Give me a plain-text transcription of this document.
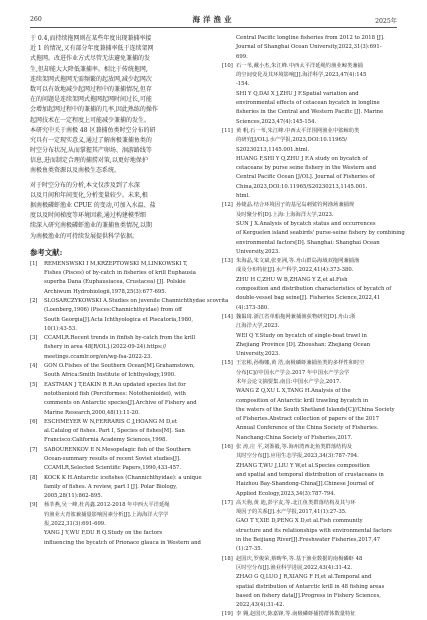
260	海洋渔业	2025年
于 0.4,而持续拖网则在某些年度出现兼捕率接
近 1 的情况,又有部分年度兼捕率低于连续架网
式拖网。改进作业方式尽管无法避免兼捕的发
生,但却能大大降低兼捕率。相比于传统拖网,
连续架网式拖网无需频繁的起放网,减少起网次
数可以有效地减少起网过程中的兼捕情况,但存
在的问题是连续架网式拖网起网时间过长,可能
会增加起网过程中的兼捕的几率,因此熟练的操作
起网技术在一定程度上可能减少兼捕的发生。
本研究中关于南极 48 区兼捕鱼类时空分布的研
究具有一定现实意义,通过了解南极兼捕鱼类的
时空分布状况,从而掌握其产卵场、洄游路线等
信息,进而制定合理的捕捞对策,以更好地保护
南极鱼类资源以及南极生态系统。
对于时空分布的分析,本文仅涉及到了水深
以及月间和年间变化,分析变量较少。未来,根
据南极磷虾渔业 CPUE 的变动,可加入水温、盐
度以及时间梯度等环境因素,通过构建模型细
续深入研究南极磷虾渔业的兼捕鱼类情况,以期
为南极渔业的可持续发展提供科学依据。
参考文献:
[1] REMENSWSKI I M,KRZEPTOWSKI M,LINKOWSKI T,
Fishes (Pisces) of by-catch in fisheries of krill Euphausia
superba Dana (Euphausiacea, Crustacea) [J]. Polskie
Archiwum Hydrobiologii,1978,25(3):677-695.
[2] SLOSARCZYKOWSKI A.Studies on juvenile Channichthydae scovrita
(Loenberg,1906) (Pisces:Channichthyidae) from off
South Georgia[J].Acta Ichthyologica et Piscatoria,1980,
10(1):43-53.
[3] CCAMLR.Recent trends in finfish by-catch from the krill
fishery in area 48[R/OL].(2022-09-24).https://
meetings.ccamlr.org/en/wg-fsa-2022-23.
[4] GON O.Fishes of the Southern Ocean[M].Grahamstown,
South Africa:Smith Institute of Ichthyology,1990.
[5] EASTMAN J T,EAKIN R R.An updated species list for
notothenioid fish (Perciformes: Notothenioidei), with
comments on Antarctic species[J].Archive of Fishery and
Marine Research,2000,48(1):11-20.
[6] ESCHMEYER W N,FERRARIS C J,HOANG M D,et
al.Catalog of fishes. Part I, Species of fishes[M]. San
Francisco:California Academy Sciences,1998.
[7] SABOURENKOV E N.Mesopelagic fish of the Southern
Ocean-summary results of recent Soviet studies[J].
CCAMLR,Selected Scientific Papers,1990,433-457.
[8] KOCK K H.Antarctic icefishes (Channichthyidae): a unique
family of fishes. A review, part I [J]. Polar Biology,
2005,28(11):862-895.
[9] 杨莘燕,吴一峰,杜芮鑫.2012-2018 年中西大平洋延绳
钓渔业大青鲨兼捕量影响因素分析[J].上海海洋大学学
报,2022,31(3):691-699.
YANG J Y,WU F,DU R Q.Study on the factors
influencing the bycatch of Prionace glauca in Western and
Central Pacific longline fisheries from 2012 to 2018 [J].
Journal of Shanghai Ocean University,2022,31(3):691-
699.
[10] 石一苇,戴小杰,朱江峰.中西太平洋延绳钓渔业鲸类兼捕
的空间变化及其环境影响[J].海洋科学,2023,47(4):145
-154.
SHI Y Q,DAI X J,ZHU J F.Spatial variation and
environmental effects of cetacean bycatch in longline
fisheries in the Central and Western Pacific [J]. Marine
Sciences,2023,47(4):145-154.
[11] 黄 帆,石一苇,朱江峰.中西太平洋围网渔业中鲨鲸幼类
的研究[J/OL].水产学报,2023,DOI:10.11965/
S20230213,1145.001.html.
HUANG F,SHI Y Q,ZHU J F.A study on bycatch of
cetaceans by purse seine fishery in the Western and
Central Pacific Ocean [J/OL]. Journal of Fisheries of
China,2023,DOI:10.11965/S20230213,1145.001.
html.
[12] 孙婕晶.结合环境因子的基尼岛刺鲨钓网渔场兼捕规
及时聚分析[D].上海:上海海洋大学,2023.
SUN J X.Analysis of bycatch status and occurrences
of Kerguelen island seabirds' purse-seine fishery by combining
environmental factors[D]. Shanghai: Shanghai Ocean
University,2023.
[13] 朱海晶,朱文斌,张亚洲,等.舟山群岛海域双拖网兼捕渔
成及分布特征[J].水产科学,2022,41(4):373-380.
ZHU H C,ZHU W B,ZHANG Y Z,et al.Fish
composition and distribution characteristics of bycatch of
double-vessel bag seine[J]. Fisheries Science,2022,41
(4):373-380.
[14] 魏韫琦.浙江省单船拖网兼捕渔获物研究[D].舟山:浙
江海洋大学,2023.
WEI Q Y.Study on bycatch of single-boat trawl in
Zhejiang Province [D]. Zhoushan: Zhejiang Ocean
University,2023.
[15] 王宏彬,孙梅娜,黄 浩,南极磷虾兼捕鱼类的多样性和时空
分布[C]//中国水产学会.2017 年中国水产学会学
术年会论文摘要集.南昌:中国水产学会,2017.
WANG Z Q,XU L X,TANG H.Analysis of the
composition of Antarctic krill trawling bycatch in
the waters of the South Shetland Islands[C]//China Society
of Fisheries.Abstract collection of papers of the 2017
Annual Conference of the China Society of Fisheries.
Nanchang:China Society of Fisheries,2017.
[16] 张 涛,庄 平,刘鉴毅,等.海州湾西北鱼类群落结构及
其时空分布[J].应用生态学报,2023,34(3):787-794.
ZHANG T,WU J,LIU Y W,et al.Species composition
and spatial and temporal distribution of crustaceans in
Haizhou Bay-Shandong-China[J].Chinese Journal of
Applied Ecology,2023,34(3):787-794.
[17] 高天驹,黄 迪,彭宇友,等.北江鱼类群落结构及其与环
境因子的关系[J].水产学报,2017,41(1):27-35.
GAO T Y,XIE D,PENG X D,et al.Fish community
structure and its relationships with environmental factors
in the Beijiang River[J].Freshwater Fisheries,2017,47
(1):27-35.
[18] 赵国庆,罗俊荣,蔡畴华,等.基于渔业数据的南极磷虾 48
区时空分布[J].渔业科学进展,2022,43(4):31-42.
ZHAO G Q,LUO J R,XIANG F H,et al.Temporal and
spatial distribution of Antarctic krill in 48 fishing areas
based on fishery data[J].Progress in Fishery Sciences,
2022,43(4):31-42.
[19] 李 翱,赵国庆,陈嘉锋,等.南极磷虾捕捞群体数量特征
